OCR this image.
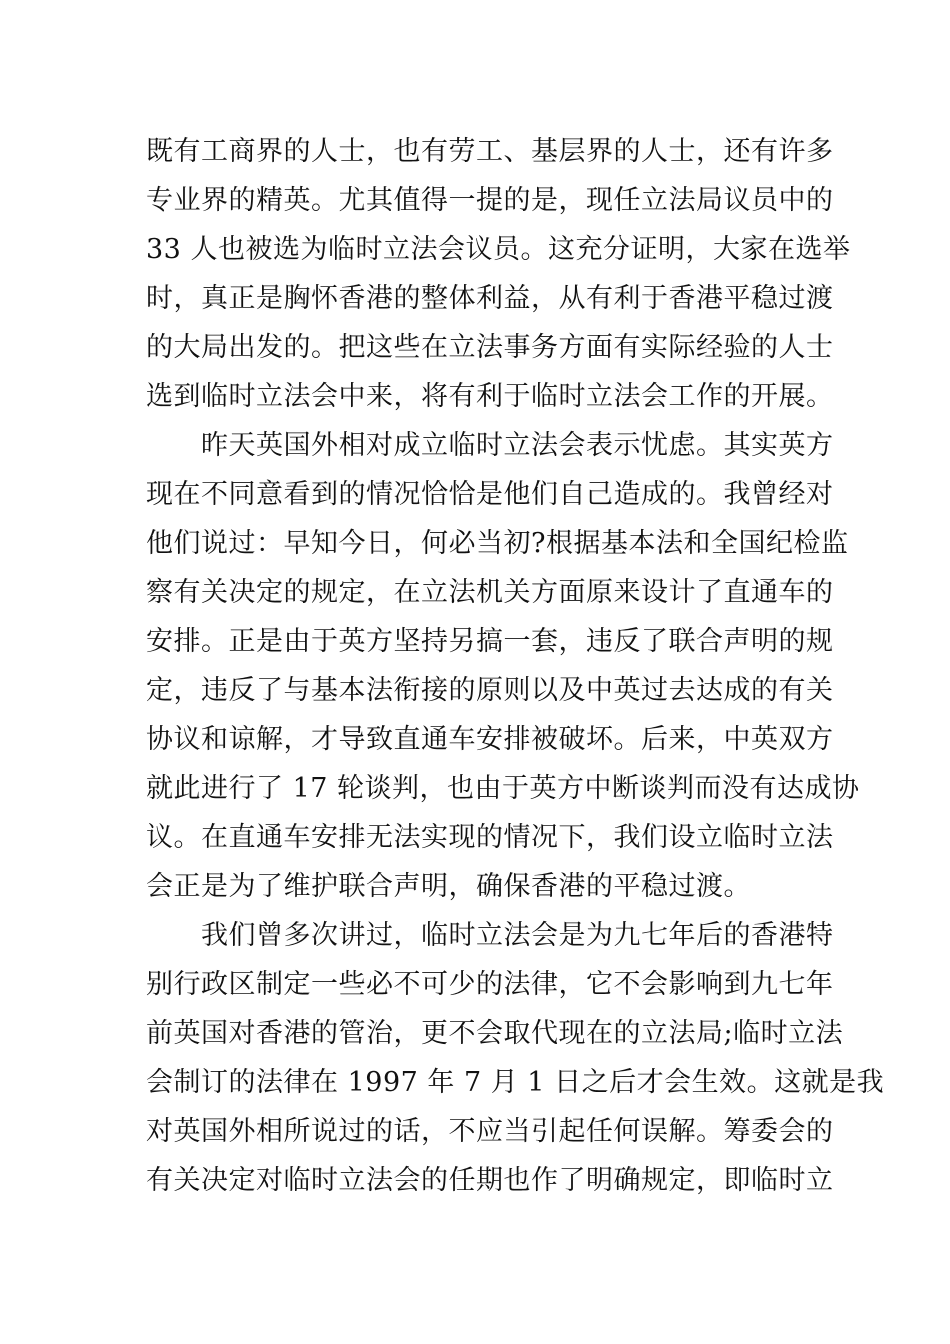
既有工商界的人士，也有劳工、基层界的人士，还有许多
专业界的精英。尤其值得一提的是，现任立法局议员中的
33 人也被选为临时立法会议员。这充分证明，大家在选举
时，真正是胸怀香港的整体利益，从有利于香港平稳过渡
的大局出发的。把这些在立法事务方面有实际经验的人士
选到临时立法会中来，将有利于临时立法会工作的开展。
　　昨天英国外相对成立临时立法会表示忧虑。其实英方
现在不同意看到的情况恰恰是他们自己造成的。我曾经对
他们说过：早知今日，何必当初?根据基本法和全国纪检监
察有关决定的规定，在立法机关方面原来设计了直通车的
安排。正是由于英方坚持另搞一套，违反了联合声明的规
定，违反了与基本法衔接的原则以及中英过去达成的有关
协议和谅解，才导致直通车安排被破坏。后来，中英双方
就此进行了 17 轮谈判，也由于英方中断谈判而没有达成协
议。在直通车安排无法实现的情况下，我们设立临时立法
会正是为了维护联合声明，确保香港的平稳过渡。
　　我们曾多次讲过，临时立法会是为九七年后的香港特
别行政区制定一些必不可少的法律，它不会影响到九七年
前英国对香港的管治，更不会取代现在的立法局;临时立法
会制订的法律在 1997 年 7 月 1 日之后才会生效。这就是我
对英国外相所说过的话，不应当引起任何误解。筹委会的
有关决定对临时立法会的任期也作了明确规定，即临时立
